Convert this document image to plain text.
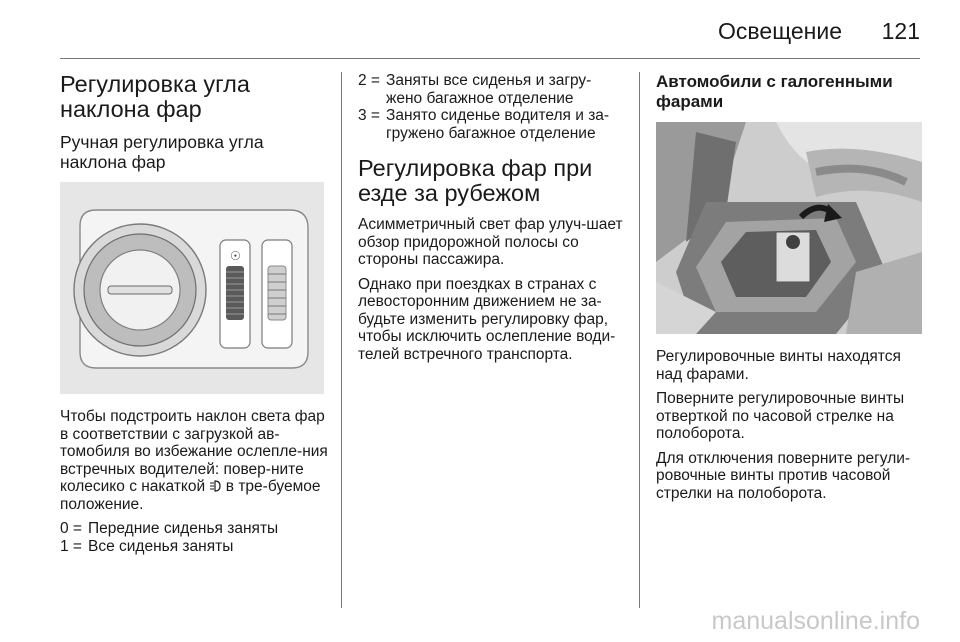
Освещение 121
Регулировка угла наклона фар
Ручная регулировка угла наклона фар
☉

Чтобы подстроить наклон света фар в соответствии с загрузкой ав-томобиля во избежание ослепле-ния встречных водителей: повер-ните колесико с накаткой в тре-буемое положение.

0 = Передние сиденья заняты
1 = Все сиденья заняты
2 = Заняты все сиденья и загру-жено багажное отделение
3 = Занято сиденье водителя и за-гружено багажное отделение
Регулировка фар при езде за рубежом

Асимметричный свет фар улуч-шает обзор придорожной полосы со стороны пассажира.

Однако при поездках в странах с левосторонним движением не за-будьте изменить регулировку фар, чтобы исключить ослепление води-телей встречного транспорта.

Автомобили с галогенными фарами

Регулировочные винты находятся над фарами.

Поверните регулировочные винты отверткой по часовой стрелке на полоборота.

Для отключения поверните регули-ровочные винты против часовой стрелки на полоборота.

manualsonline.info
